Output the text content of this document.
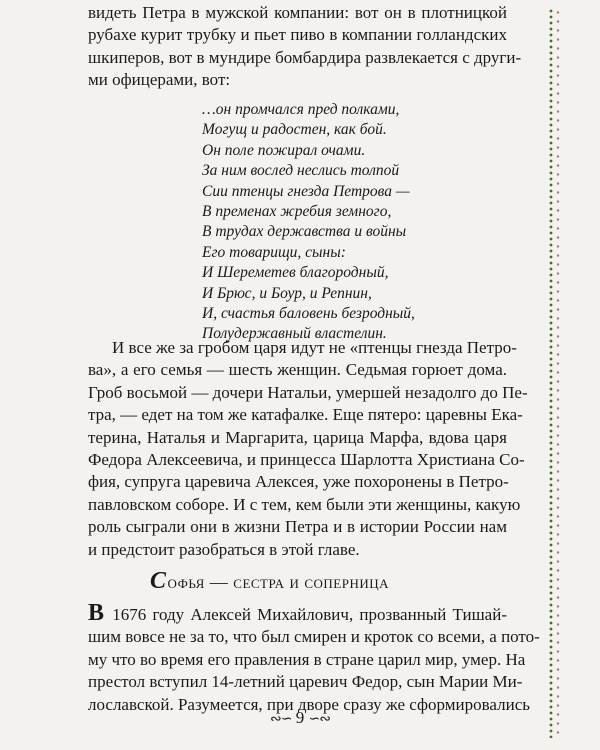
видеть Петра в мужской компании: вот он в плотницкой
рубахе курит трубку и пьет пиво в компании голландских
шкиперов, вот в мундире бомбардира развлекается с други-
ми офицерами, вот:
…он промчался пред полками,
Могущ и радостен, как бой.
Он поле пожирал очами.
За ним вослед неслись толпой
Сии птенцы гнезда Петрова —
В пременах жребия земного,
В трудах державства и войны
Его товарищи, сыны:
И Шереметев благородный,
И Брюс, и Боур, и Репнин,
И, счастья баловень безродный,
Полудержавный властелин.
И все же за гробом царя идут не «птенцы гнезда Петро-
ва», а его семья — шесть женщин. Седьмая горюет дома.
Гроб восьмой — дочери Натальи, умершей незадолго до Пе-
тра, — едет на том же катафалке. Еще пятеро: царевны Ека-
терина, Наталья и Маргарита, царица Марфа, вдова царя
Федора Алексеевича, и принцесса Шарлотта Христиана Со-
фия, супруга царевича Алексея, уже похоронены в Петро-
павловском соборе. И с тем, кем были эти женщины, какую
роль сыграли они в жизни Петра и в истории России нам
и предстоит разобраться в этой главе.
Софья — сестра и соперница
В 1676 году Алексей Михайлович, прозванный Тишай-
шим вовсе не за то, что был смирен и кроток со всеми, а пото-
му что во время его правления в стране царил мир, умер. На
престол вступил 14-летний царевич Федор, сын Марии Ми-
лославской. Разумеется, при дворе сразу же сформировались
∾∽ 9 ∽∾
